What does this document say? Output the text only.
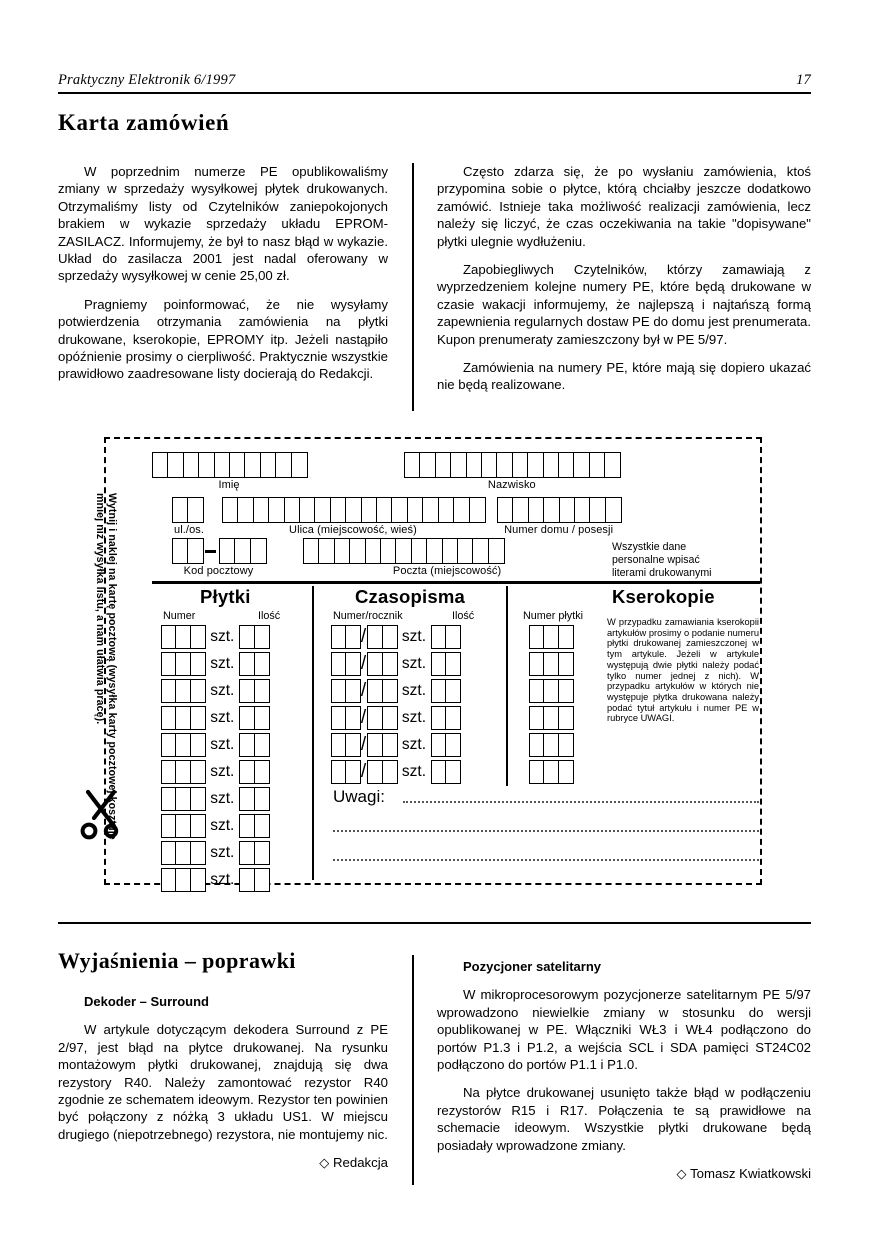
Praktyczny Elektronik 6/1997	17
Karta zamówień

W poprzednim numerze PE opublikowaliśmy zmiany w sprzedaży wysyłkowej płytek drukowanych. Otrzymaliśmy listy od Czytelników zaniepokojonych brakiem w wykazie sprzedaży układu EPROM-ZASILACZ. Informujemy, że był to nasz błąd w wykazie. Układ do zasilacza 2001 jest nadal oferowany w sprzedaży wysyłkowej w cenie 25,00 zł.

Pragniemy poinformować, że nie wysyłamy potwierdzenia otrzymania zamówienia na płytki drukowane, kserokopie, EPROMY itp. Jeżeli nastąpiło opóźnienie prosimy o cierpliwość. Praktycznie wszystkie prawidłowo zaadresowane listy docierają do Redakcji.

Często zdarza się, że po wysłaniu zamówienia, ktoś przypomina sobie o płytce, którą chciałby jeszcze dodatkowo zamówić. Istnieje taka możliwość realizacji zamówienia, lecz należy się liczyć, że czas oczekiwania na takie "dopisywane" płytki ulegnie wydłużeniu.

Zapobiegliwych Czytelników, którzy zamawiają z wyprzedzeniem kolejne numery PE, które będą drukowane w czasie wakacji informujemy, że najlepszą i najtańszą formą zapewnienia regularnych dostaw PE do domu jest prenumerata. Kupon prenumeraty zamieszczony był w PE 5/97.

Zamówienia na numery PE, które mają się dopiero ukazać nie będą realizowane.

Wytnij i naklej na kartę pocztową (wysyłka karty pocztowej kosztuje mniej niż wysyłka listu, a nam ułatwia pracę).
Imię	Nazwisko
ul./os.	Ulica (miejscowość, wieś)	Numer domu / posesji
Kod pocztowy	Poczta (miejscowość)
Wszystkie dane
personalne wpisać
literami drukowanymi
Płytki
Numer	Ilość
szt.
szt.
szt.
szt.
szt.
szt.
szt.
szt.
szt.
szt.
Czasopisma
Numer/rocznik	Ilość
/	szt.
/	szt.
/	szt.
/	szt.
/	szt.
/	szt.
Kserokopie
Numer płytki	W przypadku zamawiania kserokopii artykułów prosimy o podanie numeru płytki drukowanej zamieszczonej w tym artykule. Jeżeli w artykule występują dwie płytki należy podać tylko numer jednej z nich). W przypadku artykułów w których nie występuje płytka drukowana należy podać tytuł artykułu i numer PE w rubryce UWAGI.
Uwagi:
Wyjaśnienia – poprawki

Dekoder – Surround

W artykule dotyczącym dekodera Surround z PE 2/97, jest błąd na płytce drukowanej. Na rysunku montażowym płytki drukowanej, znajdują się dwa rezystory R40. Należy zamontować rezystor R40 zgodnie ze schematem ideowym. Rezystor ten powinien być połączony z nóżką 3 układu US1. W miejscu drugiego (niepotrzebnego) rezystora, nie montujemy nic.

◇ Redakcja

Pozycjoner satelitarny

W mikroprocesorowym pozycjonerze satelitarnym PE 5/97 wprowadzono niewielkie zmiany w stosunku do wersji opublikowanej w PE. Włączniki WŁ3 i WŁ4 podłączono do portów P1.3 i P1.2, a wejścia SCL i SDA pamięci ST24C02 podłączono do portów P1.1 i P1.0.

Na płytce drukowanej usunięto także błąd w podłączeniu rezystorów R15 i R17. Połączenia te są prawidłowe na schemacie ideowym. Wszystkie płytki drukowane będą posiadały wprowadzone zmiany.

◇ Tomasz Kwiatkowski
